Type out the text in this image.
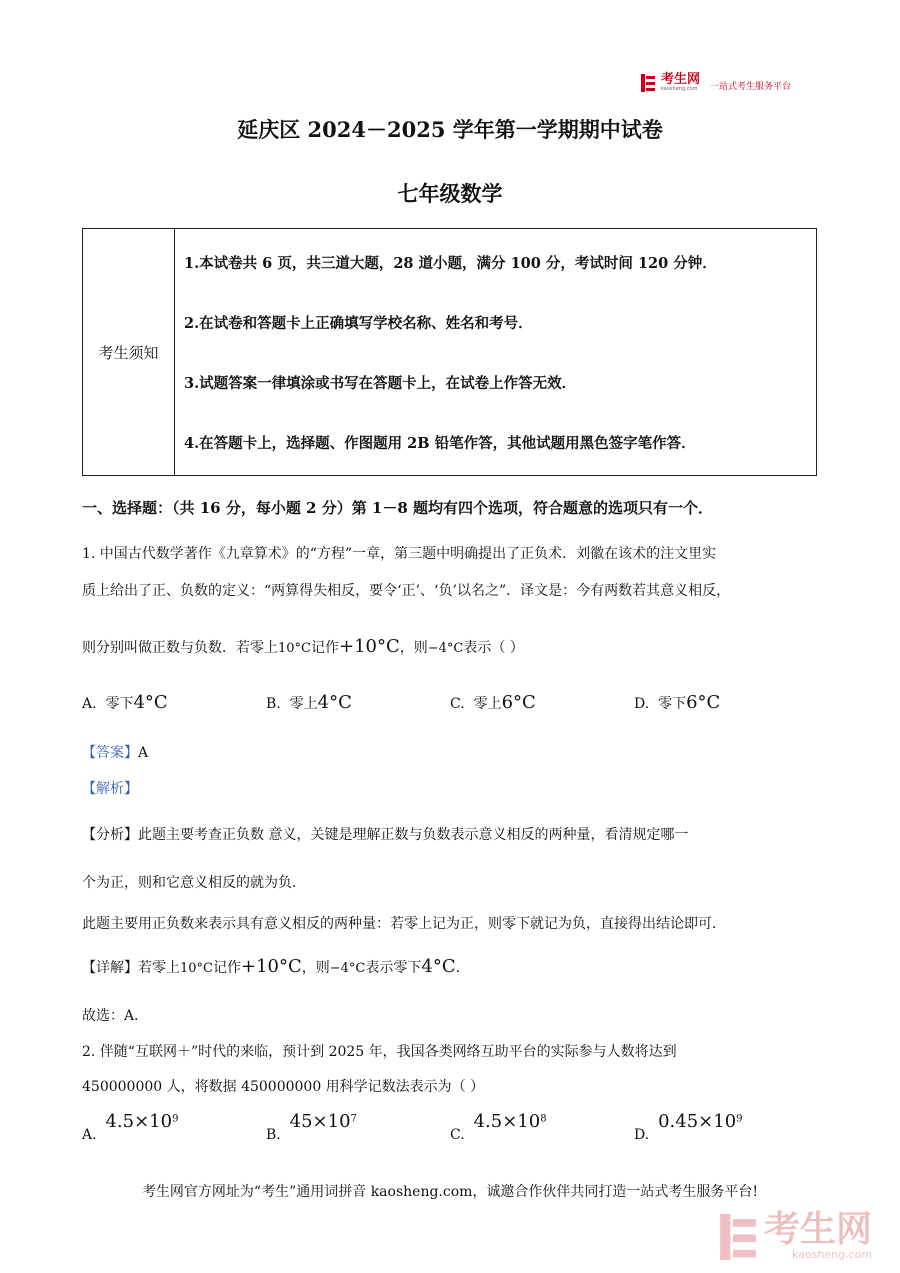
考生网
kaosheng.com 一站式考生服务平台
延庆区 2024－2025 学年第一学期期中试卷
七年级数学
考生须知
1.本试卷共 6 页，共三道大题，28 道小题，满分 100 分，考试时间 120 分钟．
2.在试卷和答题卡上正确填写学校名称、姓名和考号．
3.试题答案一律填涂或书写在答题卡上，在试卷上作答无效．
4.在答题卡上，选择题、作图题用 2B 铅笔作答，其他试题用黑色签字笔作答．
一、选择题：（共 16 分，每小题 2 分）第 1－8 题均有四个选项，符合题意的选项只有一个．
1. 中国古代数学著作《九章算术》的“方程”一章，第三题中明确提出了正负术．刘徽在该术的注文里实
质上给出了正、负数的定义：“两算得失相反，要令‘正’、‘负’以名之”．译文是：今有两数若其意义相反，
则分别叫做正数与负数．若零上10°C记作+10°C，则−4°C表示（ ）
A. 零下4°C	B. 零上4°C	C. 零上6°C	D. 零下6°C
【答案】A
【解析】
【分析】此题主要考查正负数 意义，关键是理解正数与负数表示意义相反的两种量，看清规定哪一
个为正，则和它意义相反的就为负．
此题主要用正负数来表示具有意义相反的两种量：若零上记为正，则零下就记为负，直接得出结论即可．
【详解】若零上10°C记作+10°C，则−4°C表示零下4°C．
故选：A．
2. 伴随“互联网＋”时代的来临，预计到 2025 年，我国各类网络互助平台的实际参与人数将达到
450000000 人，将数据 450000000 用科学记数法表示为（ ）
A.  $4.5\times 10^9$
B.  $45\times 10^7$
C.  $4.5\times 10^8$
D.  $0.45\times 10^9$
考生网官方网址为“考生”通用词拼音 kaosheng.com，诚邀合作伙伴共同打造一站式考生服务平台!
考生网
kaosheng.com
